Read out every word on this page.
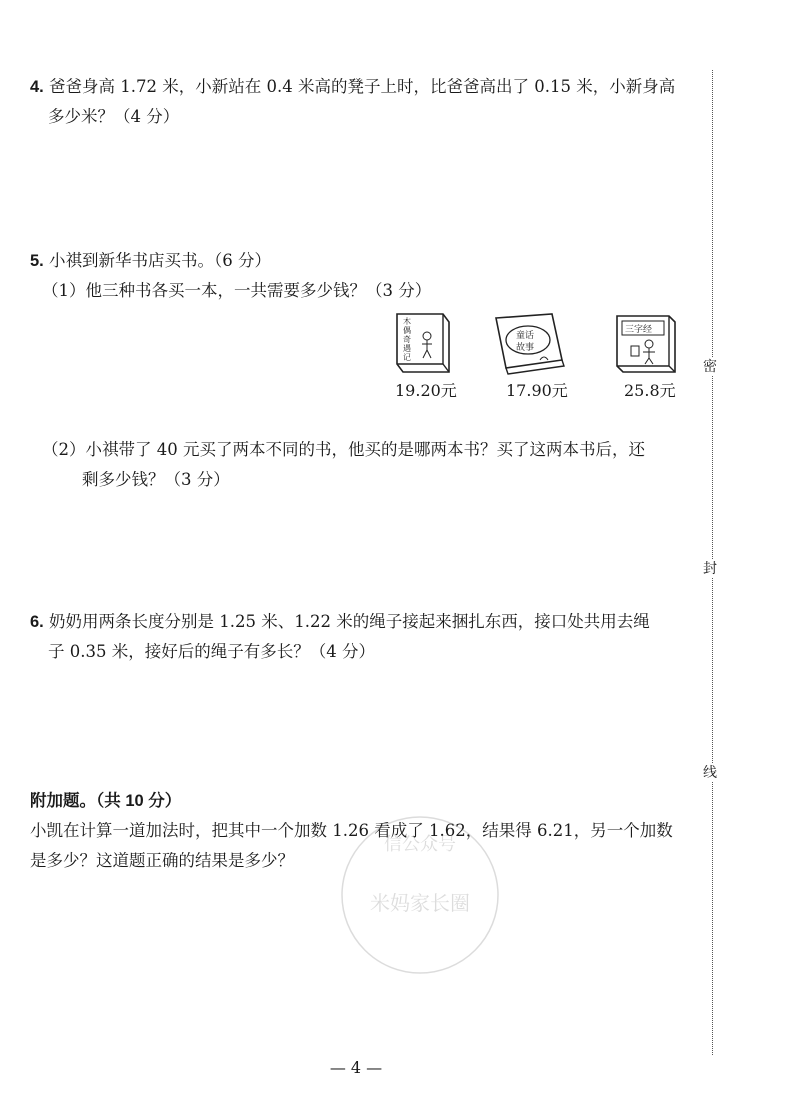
4. 爸爸身高 1.72 米，小新站在 0.4 米高的凳子上时，比爸爸高出了 0.15 米，小新身高
多少米？（4 分）
5. 小祺到新华书店买书。（6 分）
（1）他三种书各买一本，一共需要多少钱？（3 分）
木
偶
奇
遇
记
19.20元
童话
故事
17.90元
三字经
25.8元
（2）小祺带了 40 元买了两本不同的书，他买的是哪两本书？买了这两本书后，还
剩多少钱？（3 分）
6. 奶奶用两条长度分别是 1.25 米、1.22 米的绳子接起来捆扎东西，接口处共用去绳
子 0.35 米，接好后的绳子有多长？（4 分）
附加题。（共 10 分）
小凯在计算一道加法时，把其中一个加数 1.26 看成了 1.62，结果得 6.21，另一个加数
是多少？这道题正确的结果是多少？
信公众号
米妈家长圈
密
封
线
— 4 —
